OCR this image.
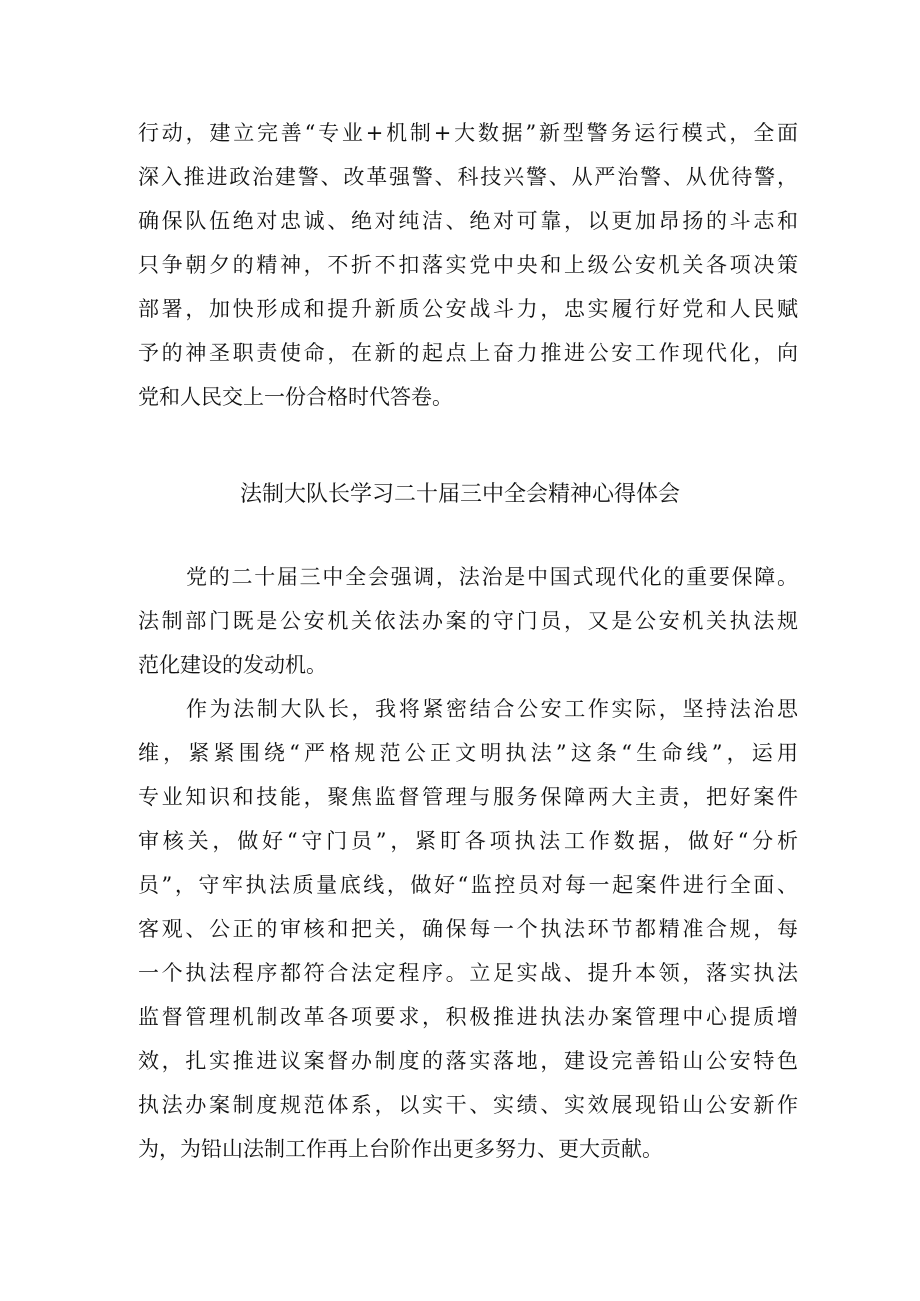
行动，建立完善“专业+机制+大数据”新型警务运行模式，全面
深入推进政治建警、改革强警、科技兴警、从严治警、从优待警，
确保队伍绝对忠诚、绝对纯洁、绝对可靠，以更加昂扬的斗志和
只争朝夕的精神，不折不扣落实党中央和上级公安机关各项决策
部署，加快形成和提升新质公安战斗力，忠实履行好党和人民赋
予的神圣职责使命，在新的起点上奋力推进公安工作现代化，向
党和人民交上一份合格时代答卷。
法制大队长学习二十届三中全会精神心得体会
党的二十届三中全会强调，法治是中国式现代化的重要保障。
法制部门既是公安机关依法办案的守门员，又是公安机关执法规
范化建设的发动机。
作为法制大队长，我将紧密结合公安工作实际，坚持法治思
维，紧紧围绕“严格规范公正文明执法”这条“生命线”，运用
专业知识和技能，聚焦监督管理与服务保障两大主责，把好案件
审核关，做好“守门员”，紧盯各项执法工作数据，做好“分析
员”，守牢执法质量底线，做好“监控员对每一起案件进行全面、
客观、公正的审核和把关，确保每一个执法环节都精准合规，每
一个执法程序都符合法定程序。立足实战、提升本领，落实执法
监督管理机制改革各项要求，积极推进执法办案管理中心提质增
效，扎实推进议案督办制度的落实落地，建设完善铅山公安特色
执法办案制度规范体系，以实干、实绩、实效展现铅山公安新作
为，为铅山法制工作再上台阶作出更多努力、更大贡献。
